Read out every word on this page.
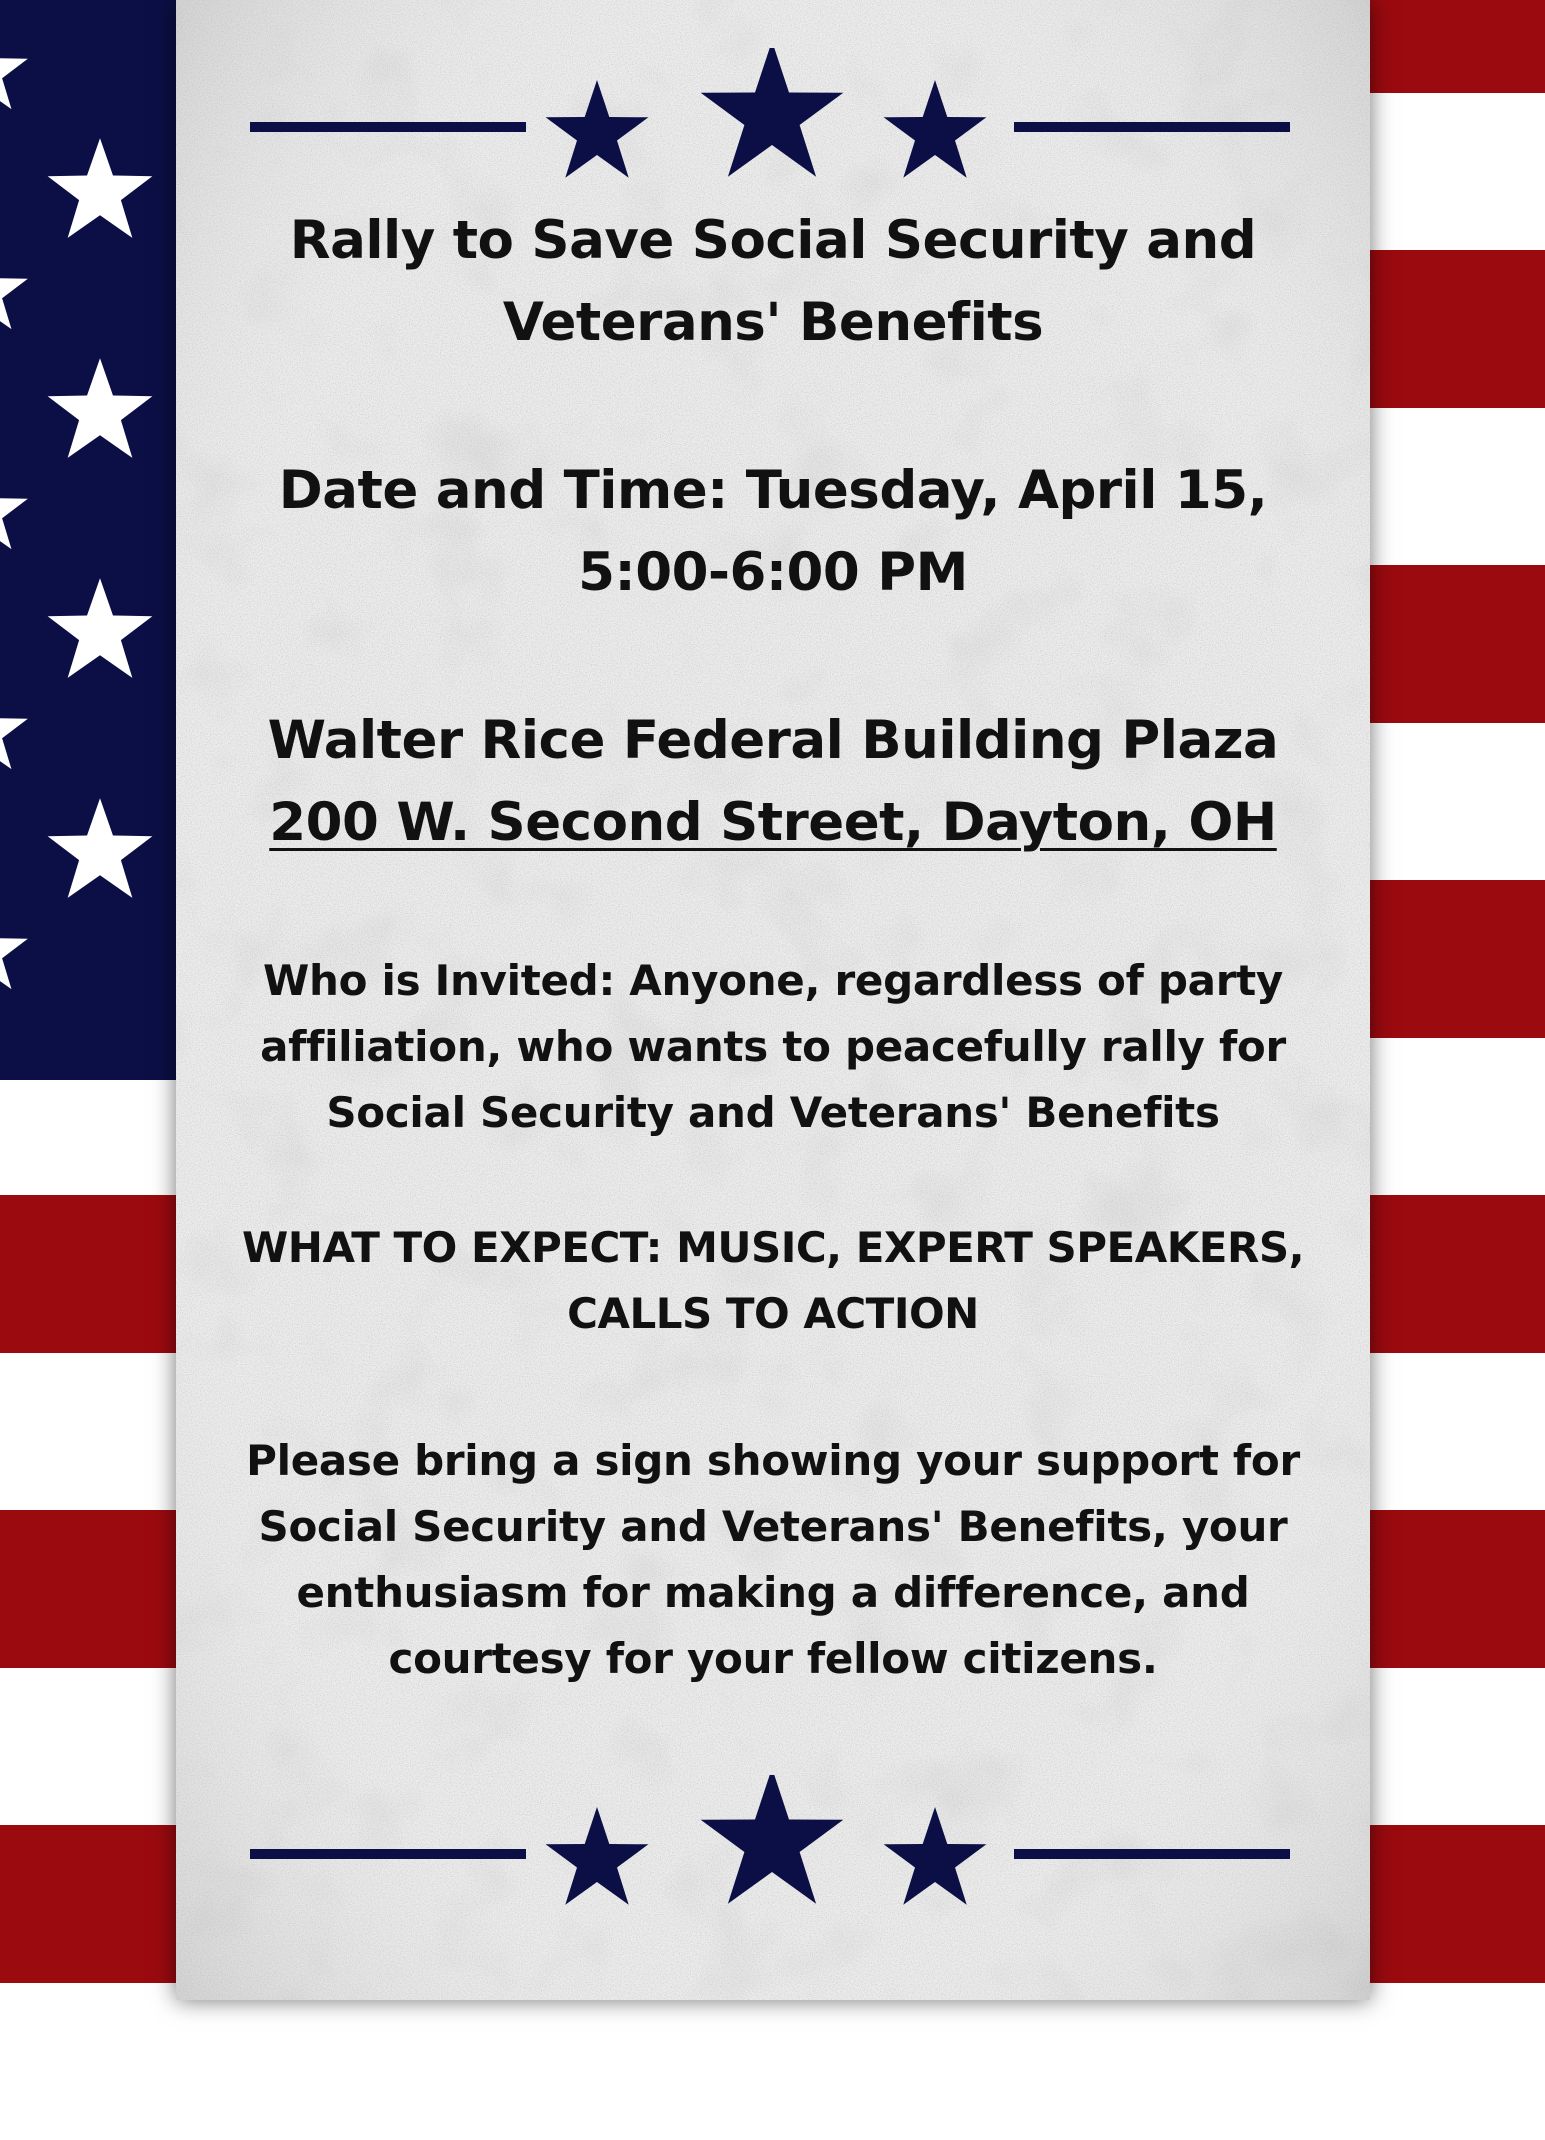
Rally to Save Social Security and
Veterans' Benefits
Date and Time: Tuesday, April 15,
5:00-6:00 PM
Walter Rice Federal Building Plaza
200 W. Second Street, Dayton, OH
Who is Invited: Anyone, regardless of party
affiliation, who wants to peacefully rally for
Social Security and Veterans' Benefits
WHAT TO EXPECT: MUSIC, EXPERT SPEAKERS,
CALLS TO ACTION
Please bring a sign showing your support for
Social Security and Veterans' Benefits, your
enthusiasm for making a difference, and
courtesy for your fellow citizens.
